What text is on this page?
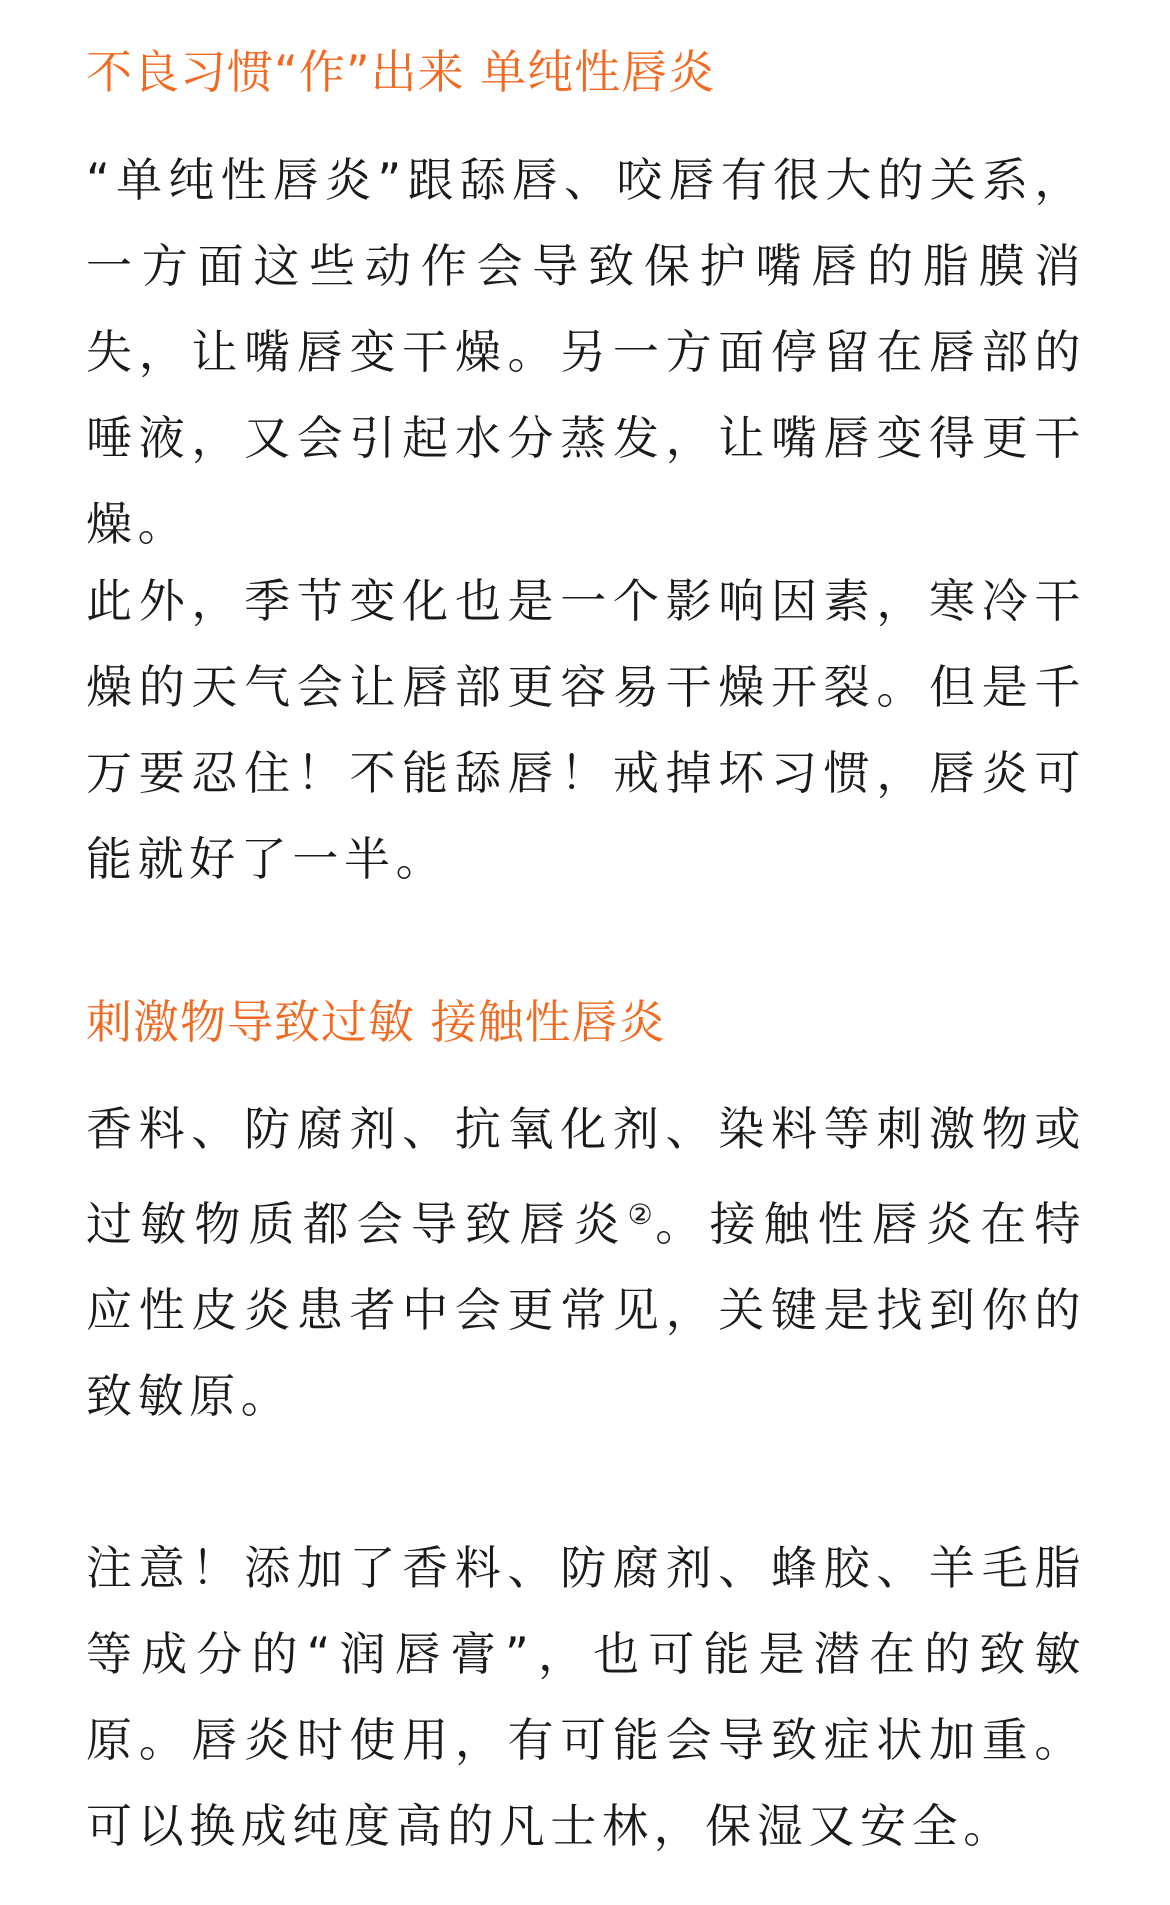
不良习惯“作”出来 单纯性唇炎

“单纯性唇炎”跟舔唇、咬唇有很大的关系，一方面这些动作会导致保护嘴唇的脂膜消失，让嘴唇变干燥。另一方面停留在唇部的唾液，又会引起水分蒸发，让嘴唇变得更干燥。

此外，季节变化也是一个影响因素，寒冷干燥的天气会让唇部更容易干燥开裂。但是千万要忍住！不能舔唇！戒掉坏习惯，唇炎可能就好了一半。

刺激物导致过敏 接触性唇炎

香料、防腐剂、抗氧化剂、染料等刺激物或过敏物质都会导致唇炎②。接触性唇炎在特应性皮炎患者中会更常见，关键是找到你的致敏原。

注意！添加了香料、防腐剂、蜂胶、羊毛脂等成分的“润唇膏”，也可能是潜在的致敏原。唇炎时使用，有可能会导致症状加重。可以换成纯度高的凡士林，保湿又安全。
